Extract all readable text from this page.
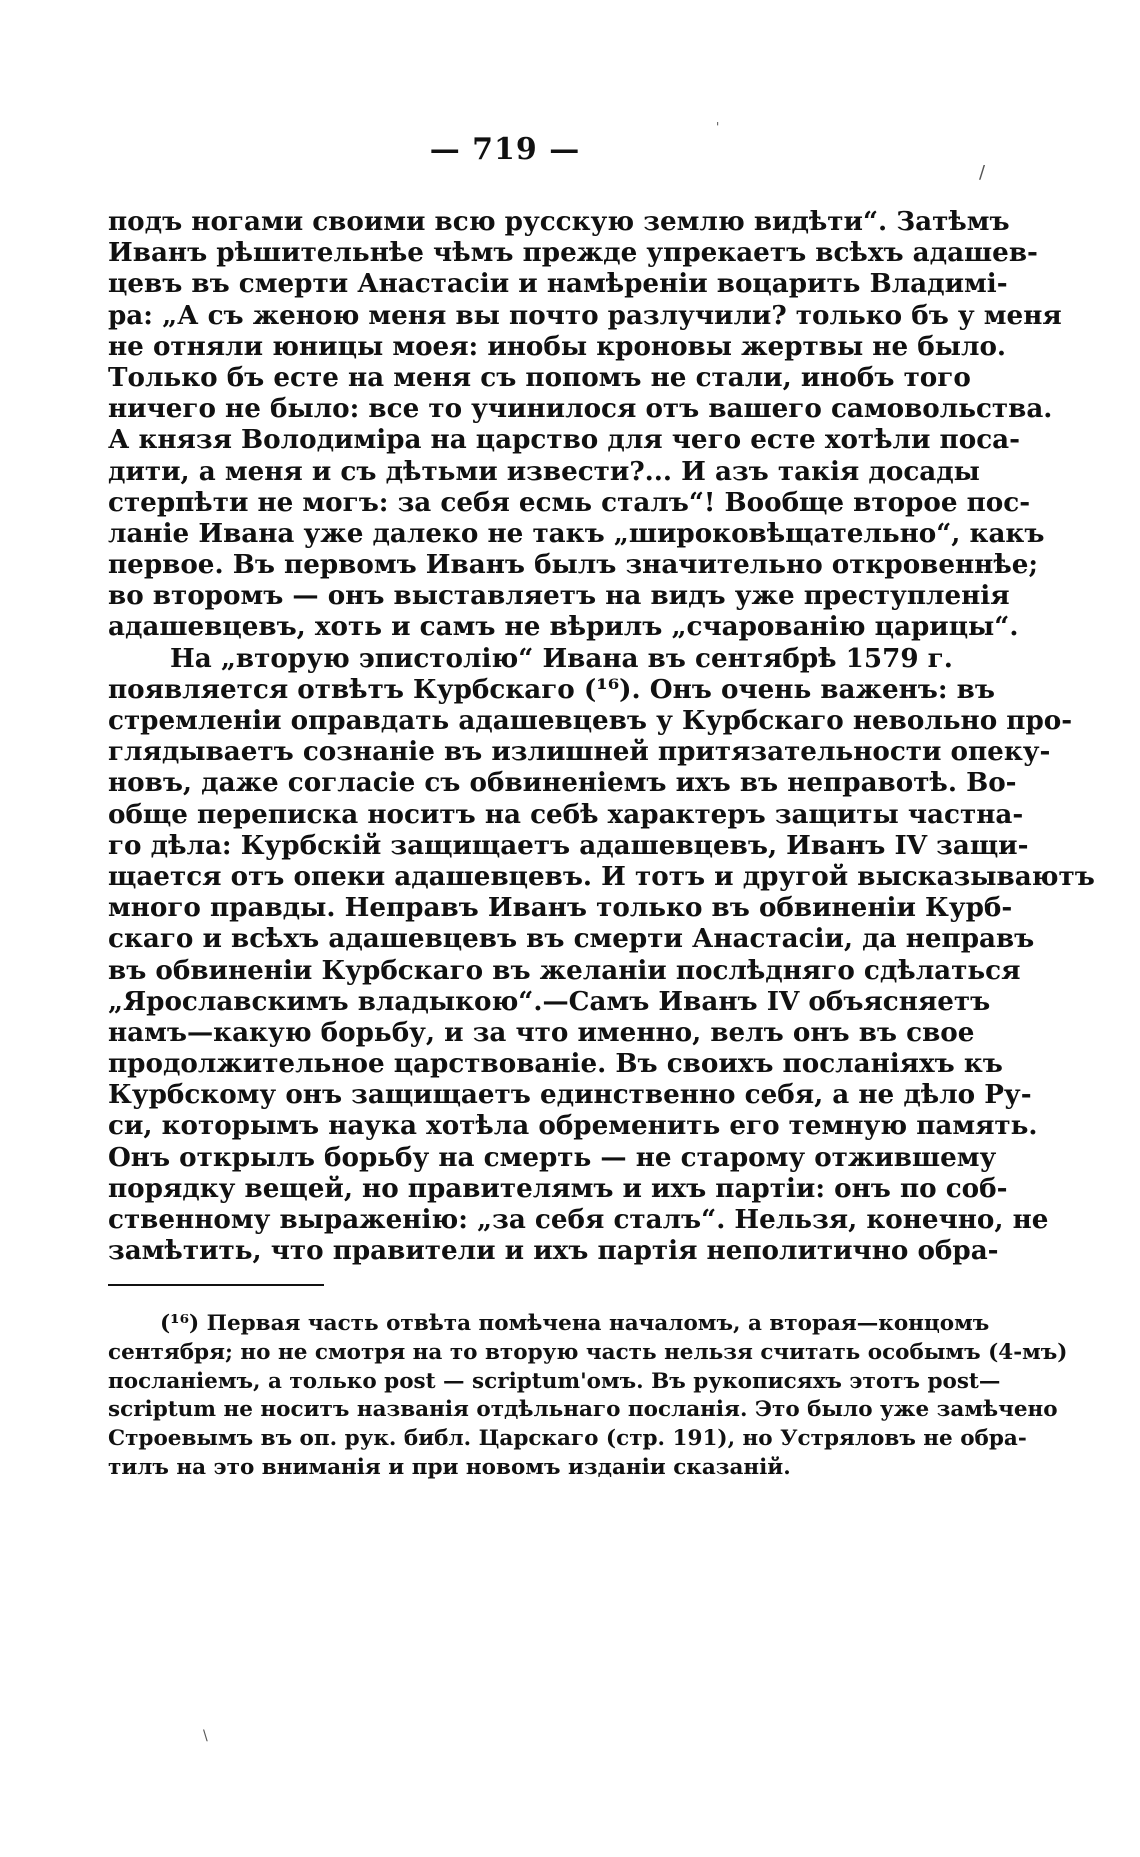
— 719 —
подъ ногами своими всю русскую землю видѣти“. Затѣмъ
Иванъ рѣшительнѣе чѣмъ прежде упрекаетъ всѣхъ адашев-
цевъ въ смерти Анастасіи и намѣреніи воцарить Владимі-
ра: „А съ женою меня вы почто разлучили? только бъ у меня
не отняли юницы моея: инобы кроновы жертвы не было.
Только бъ есте на меня съ попомъ не стали, инобъ того
ничего не было: все то учинилося отъ вашего самовольства.
А князя Володиміра на царство для чего есте хотѣли поса-
дити, а меня и съ дѣтьми извести?... И азъ такія досады
стерпѣти не могъ: за себя есмь сталъ“! Вообще второе пос-
ланіе Ивана уже далеко не такъ „широковѣщательно“, какъ
первое. Въ первомъ Иванъ былъ значительно откровеннѣе;
во второмъ — онъ выставляетъ на видъ уже преступленія
адашевцевъ, хоть и самъ не вѣрилъ „счарованію царицы“.
На „вторую эпистолію“ Ивана въ сентябрѣ 1579 г.
появляется отвѣтъ Курбскаго (¹⁶). Онъ очень важенъ: въ
стремленіи оправдать адашевцевъ у Курбскаго невольно про-
глядываетъ сознаніе въ излишней притязательности опеку-
новъ, даже согласіе съ обвиненіемъ ихъ въ неправотѣ. Во-
обще переписка носитъ на себѣ характеръ защиты частна-
го дѣла: Курбскій защищаетъ адашевцевъ, Иванъ IV защи-
щается отъ опеки адашевцевъ. И тотъ и другой высказываютъ
много правды. Неправъ Иванъ только въ обвиненіи Курб-
скаго и всѣхъ адашевцевъ въ смерти Анастасіи, да неправъ
въ обвиненіи Курбскаго въ желаніи послѣдняго сдѣлаться
„Ярославскимъ владыкою“.—Самъ Иванъ IV объясняетъ
намъ—какую борьбу, и за что именно, велъ онъ въ свое
продолжительное царствованіе. Въ своихъ посланіяхъ къ
Курбскому онъ защищаетъ единственно себя, а не дѣло Ру-
си, которымъ наука хотѣла обременить его темную память.
Онъ открылъ борьбу на смерть — не старому отжившему
порядку вещей, но правителямъ и ихъ партіи: онъ по соб-
ственному выраженію: „за себя сталъ“. Нельзя, конечно, не
замѣтить, что правители и ихъ партія неполитично обра-
(¹⁶) Первая часть отвѣта помѣчена началомъ, а вторая—концомъ
сентября; но не смотря на то вторую часть нельзя считать особымъ (4-мъ)
посланіемъ, а только post — scriptum'омъ. Въ рукописяхъ этотъ post—
scriptum не носитъ названія отдѣльнаго посланія. Это было уже замѣчено
Строевымъ въ оп. рук. библ. Царскаго (стр. 191), но Устряловъ не обра-
тилъ на это вниманія и при новомъ изданіи сказаній.
/
'
\
